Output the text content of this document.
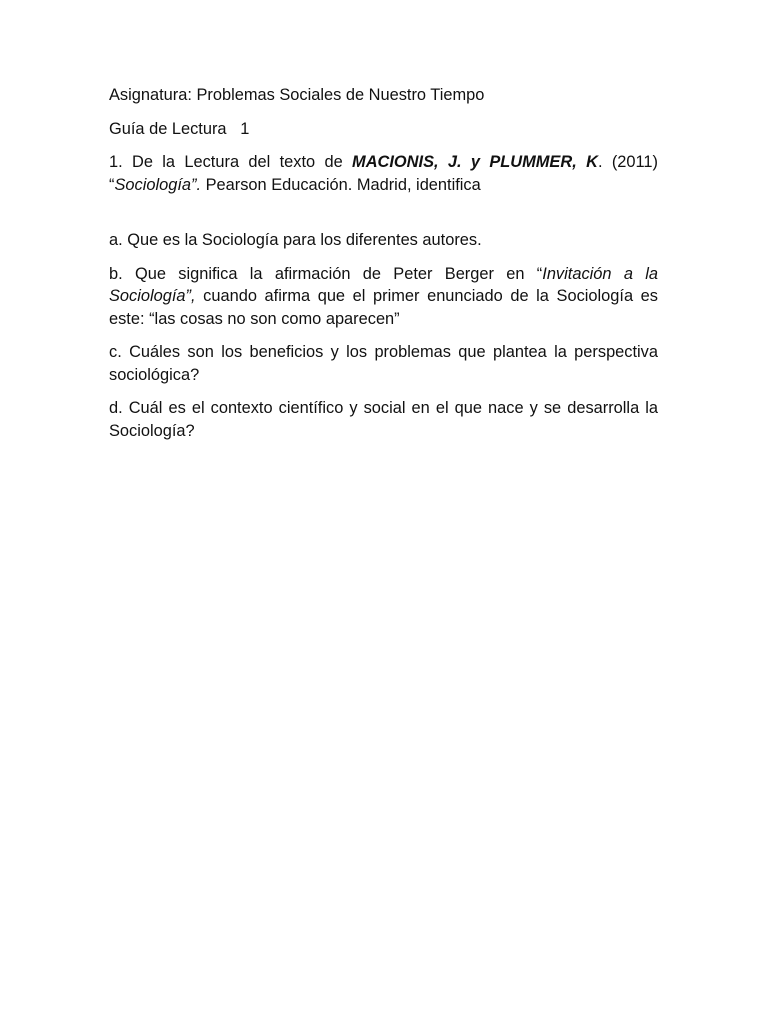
Asignatura: Problemas Sociales de Nuestro Tiempo

Guía de Lectura 1

1. De la Lectura del texto de MACIONIS, J. y PLUMMER, K. (2011) “Sociología”. Pearson Educación. Madrid, identifica

a. Que es la Sociología para los diferentes autores.

b. Que significa la afirmación de Peter Berger en “Invitación a la Sociología”, cuando afirma que el primer enunciado de la Sociología es este: “las cosas no son como aparecen”

c. Cuáles son los beneficios y los problemas que plantea la perspectiva sociológica?

d. Cuál es el contexto científico y social en el que nace y se desarrolla la Sociología?
